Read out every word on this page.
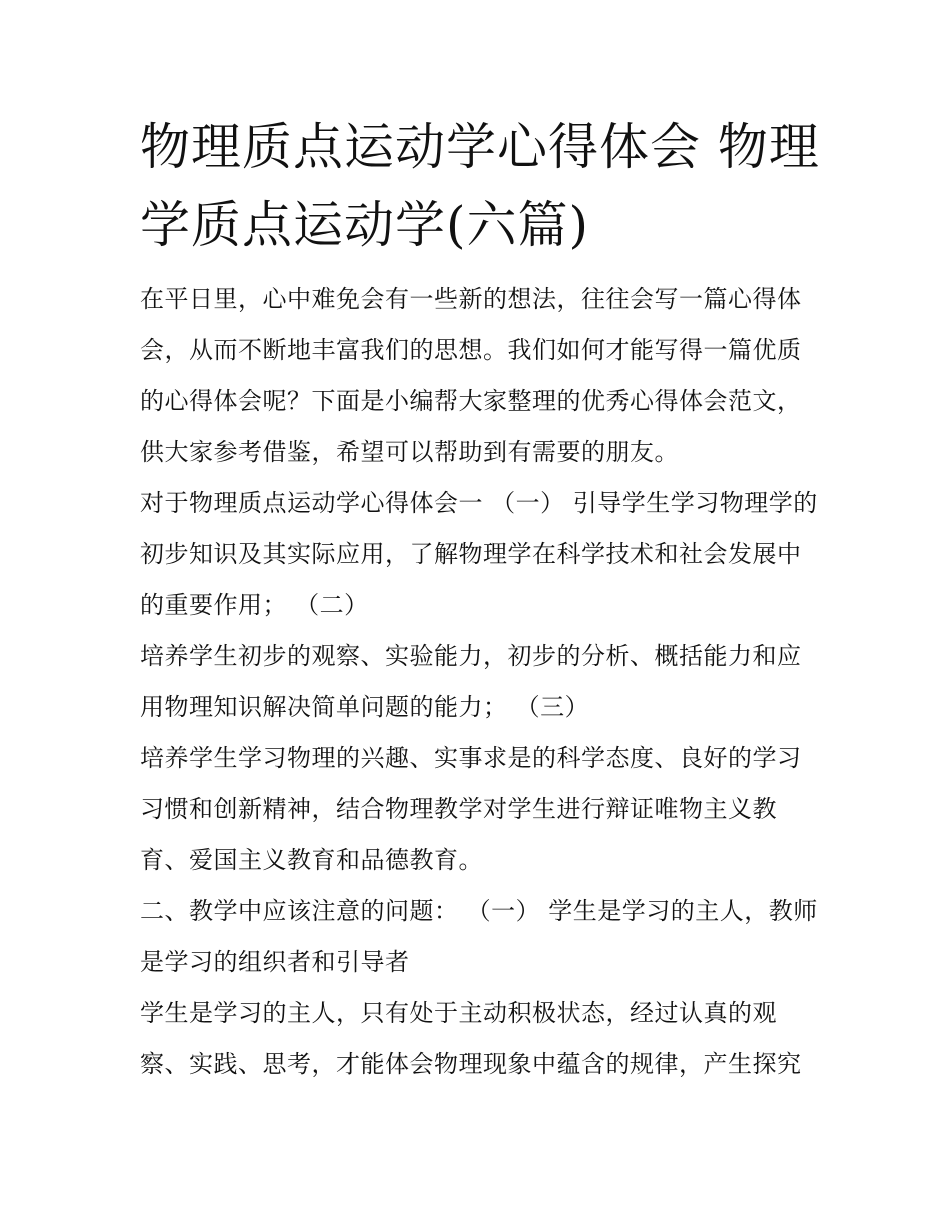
物理质点运动学心得体会 物理学质点运动学(六篇)

在平日里，心中难免会有一些新的想法，往往会写一篇心得体会，从而不断地丰富我们的思想。我们如何才能写得一篇优质的心得体会呢？下面是小编帮大家整理的优秀心得体会范文，供大家参考借鉴，希望可以帮助到有需要的朋友。

对于物理质点运动学心得体会一 （一） 引导学生学习物理学的初步知识及其实际应用，了解物理学在科学技术和社会发展中的重要作用； （二）

培养学生初步的观察、实验能力，初步的分析、概括能力和应用物理知识解决简单问题的能力； （三）

培养学生学习物理的兴趣、实事求是的科学态度、良好的学习习惯和创新精神，结合物理教学对学生进行辩证唯物主义教育、爱国主义教育和品德教育。

二、教学中应该注意的问题： （一） 学生是学习的主人，教师是学习的组织者和引导者

学生是学习的主人，只有处于主动积极状态，经过认真的观察、实践、思考，才能体会物理现象中蕴含的规律，产生探究
